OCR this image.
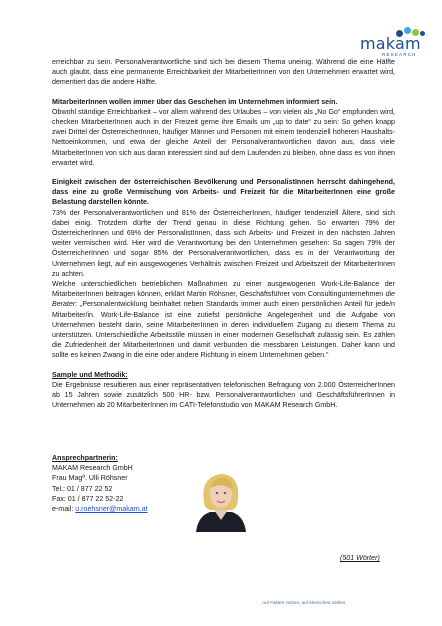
makam
RESEARCH

erreichbar zu sein. Personalverantwortliche sind sich bei diesem Thema uneinig. Während die eine Hälfte auch glaubt, dass eine permanente Erreichbarkeit der MitarbeiterInnen von den Unternehmen erwartet wird, dementiert das die andere Hälfte.

MitarbeiterInnen wollen immer über das Geschehen im Unternehmen informiert sein.

Obwohl ständige Erreichbarkeit – vor allem während des Urlaubes – von vielen als „No Go“ empfunden wird, checken MitarbeiterInnen auch in der Freizeit gerne ihre Emails um „up to date“ zu sein: So gehen knapp zwei Drittel der ÖsterreicherInnen, häufiger Männer und Personen mit einem tendenziell höheren Haushalts-Nettoeinkommen, und etwa der gleiche Anteil der Personalverantwortlichen davon aus, dass viele MitarbeiterInnen von sich aus daran interessiert sind auf dem Laufenden zu bleiben, ohne dass es von ihnen erwartet wird.

Einigkeit zwischen der österreichischen Bevölkerung und PersonalistInnen herrscht dahingehend, dass eine zu große Vermischung von Arbeits- und Freizeit für die MitarbeiterInnen eine große Belastung darstellen könnte.

73% der Personalverantwortlichen und 81% der ÖsterreicherInnen, häufiger tendenziell Ältere, sind sich dabei einig. Trotzdem dürfte der Trend genau in diese Richtung gehen. So erwarten 79% der ÖsterreicherInnen und 69% der PersonalistInnen, dass sich Arbeits- und Freizeit in den nächsten Jahren weiter vermischen wird. Hier wird die Verantwortung bei den Unternehmen gesehen: So sagen 79% der ÖsterreicherInnen und sogar 85% der Personalverantwortlichen, dass es in der Verantwortung der Unternehmen liegt, auf ein ausgewogenes Verhältnis zwischen Freizeit und Arbeitszeit der MitarbeiterInnen zu achten.

Welche unterschiedlichen betrieblichen Maßnahmen zu einer ausgewogenen Work-Life-Balance der MitarbeiterInnen beitragen können, erklärt Martin Röhsner, Geschäftsführer vom Consultingunternehmen die Berater: „Personalentwicklung beinhaltet neben Standards immer auch einen persönlichen Anteil für jede/n Mitarbeiter/in. Work-Life-Balance ist eine zutiefst persönliche Angelegenheit und die Aufgabe von Unternehmen besteht darin, seine MitarbeiterInnen in deren individuellem Zugang zu diesem Thema zu unterstützen. Unterschiedliche Arbeitsstile müssen in einer modernen Gesellschaft zulässig sein. Es zählen die Zufriedenheit der MitarbeiterInnen und damit verbunden die messbaren Leistungen. Daher kann und sollte es keinen Zwang in die eine oder andere Richtung in einem Unternehmen geben.“

Sample und Methodik:

Die Ergebnisse resultieren aus einer repräsentativen telefonischen Befragung von 2.000 ÖsterreicherInnen ab 15 Jahren sowie zusätzlich 500 HR- bzw. Personalverantwortlichen und GeschäftsführerInnen in Unternehmen ab 20 MitarbeiterInnen im CATI-Telefonstudio von MAKAM Research GmbH.

Ansprechpartnerin:
MAKAM Research GmbH
Frau Magª. Ulli Röhsner
Tel.: 01 / 877 22 52
Fax: 01 / 877 22 52-22
e-mail: u.roehsner@makam.at
(501 Wörter)
Auf Fakten setzen, auf Menschen zählen.
